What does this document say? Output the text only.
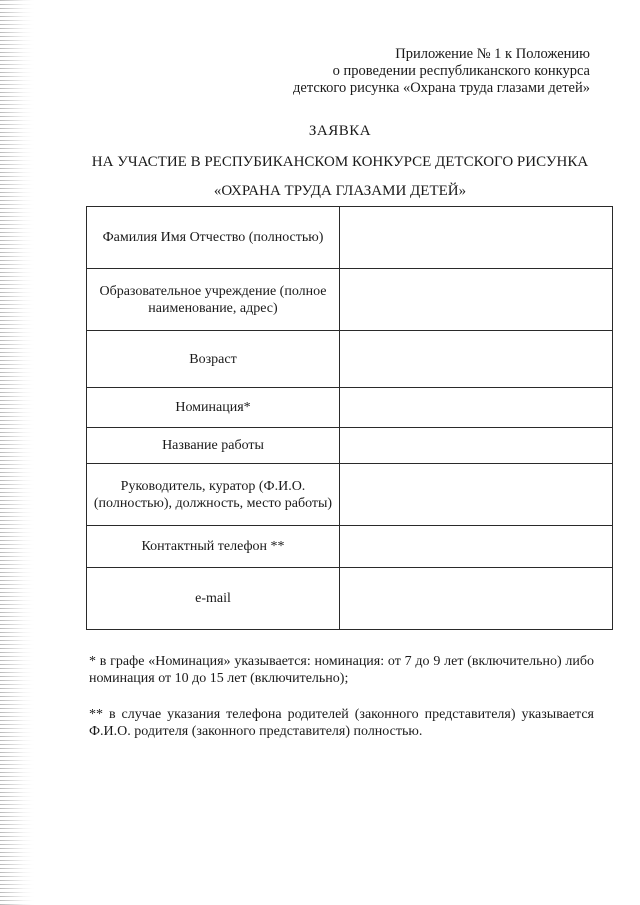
Приложение № 1 к Положению
о проведении республиканского конкурса
детского рисунка «Охрана труда глазами детей»
ЗАЯВКА
НА УЧАСТИЕ В РЕСПУБИКАНСКОМ КОНКУРСЕ ДЕТСКОГО РИСУНКА
«ОХРАНА ТРУДА ГЛАЗАМИ ДЕТЕЙ»
Фамилия Имя Отчество (полностью)	
Образовательное учреждение (полное наименование, адрес)	
Возраст	
Номинация*	
Название работы	
Руководитель, куратор (Ф.И.О. (полностью), должность, место работы)	
Контактный телефон **	
e-mail	
* в графе «Номинация» указывается: номинация: от 7 до 9 лет (включительно) либо номинация от 10 до 15 лет (включительно);
** в случае указания телефона родителей (законного представителя) указывается Ф.И.О. родителя (законного представителя) полностью.
